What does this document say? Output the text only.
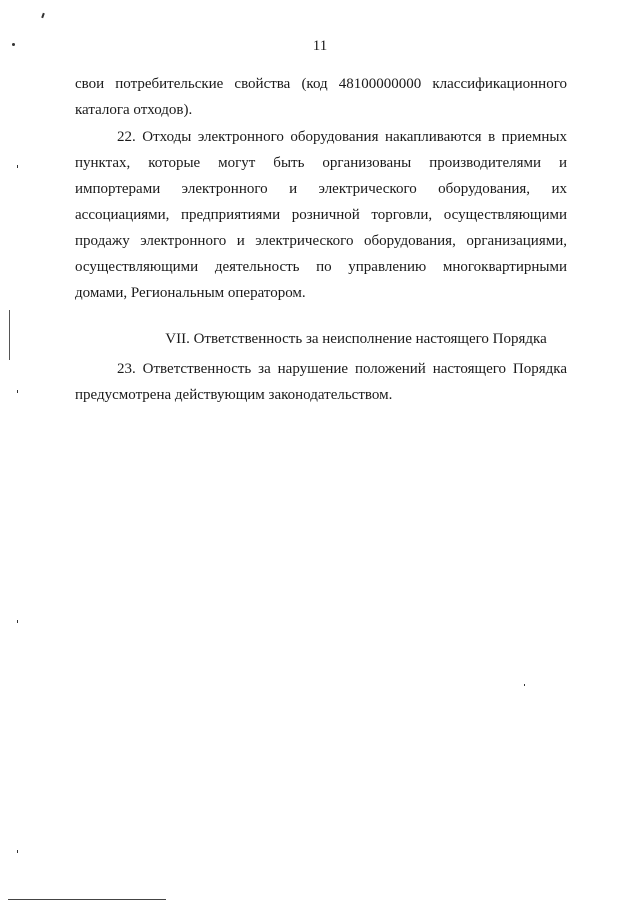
11
свои потребительские свойства (код 48100000000 классификационного
каталога отходов).
22. Отходы электронного оборудования накапливаются в приемных
пунктах, которые могут быть организованы производителями и
импортерами электронного и электрического оборудования, их
ассоциациями, предприятиями розничной торговли, осуществляющими
продажу электронного и электрического оборудования, организациями,
осуществляющими деятельность по управлению многоквартирными
домами, Региональным оператором.
VII. Ответственность за неисполнение настоящего Порядка
23. Ответственность за нарушение положений настоящего Порядка
предусмотрена действующим законодательством.
